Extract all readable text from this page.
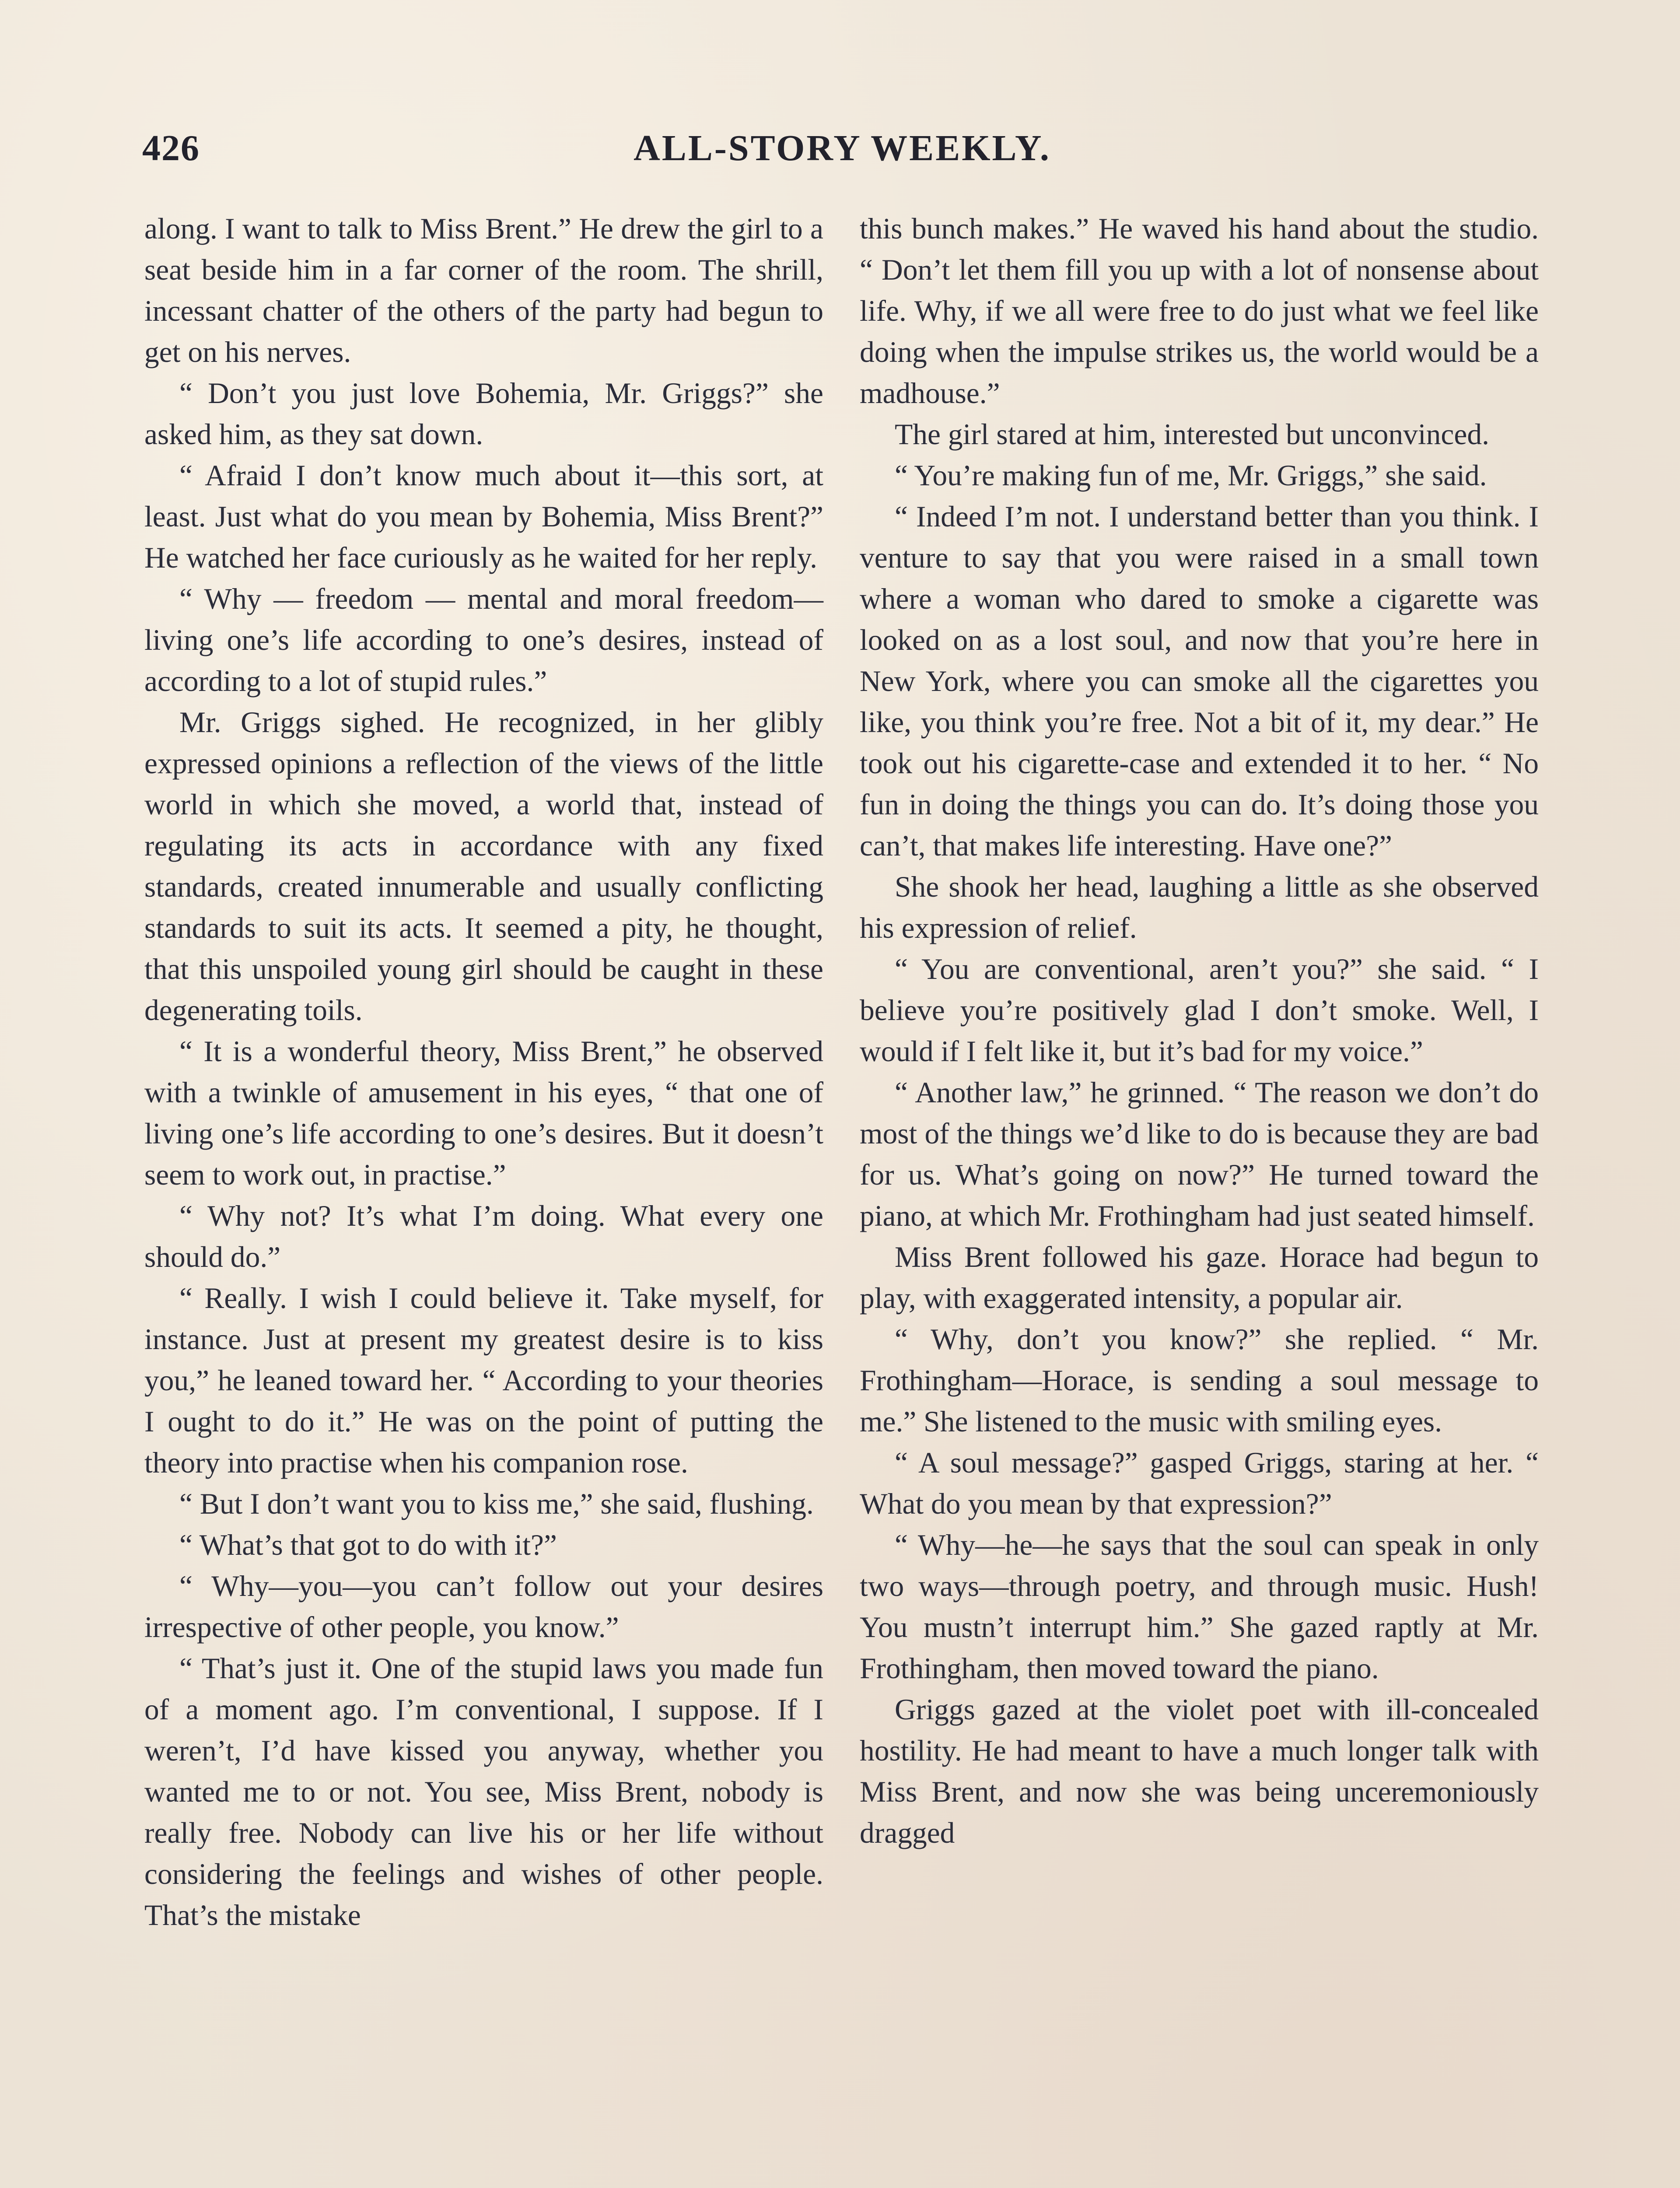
426	ALL-STORY WEEKLY.

along. I want to talk to Miss Brent.” He drew the girl to a seat beside him in a far corner of the room. The shrill, incessant chatter of the others of the party had begun to get on his nerves.

“ Don’t you just love Bohemia, Mr. Griggs?” she asked him, as they sat down.

“ Afraid I don’t know much about it—this sort, at least. Just what do you mean by Bohemia, Miss Brent?” He watched her face curiously as he waited for her reply.

“ Why — freedom — mental and moral freedom—living one’s life according to one’s desires, instead of according to a lot of stupid rules.”

Mr. Griggs sighed. He recognized, in her glibly expressed opinions a reflection of the views of the little world in which she moved, a world that, instead of regulating its acts in accordance with any fixed standards, created innumerable and usually conflicting standards to suit its acts. It seemed a pity, he thought, that this unspoiled young girl should be caught in these degenerating toils.

“ It is a wonderful theory, Miss Brent,” he observed with a twinkle of amusement in his eyes, “ that one of living one’s life according to one’s desires. But it doesn’t seem to work out, in practise.”

“ Why not? It’s what I’m doing. What every one should do.”

“ Really. I wish I could believe it. Take myself, for instance. Just at present my greatest desire is to kiss you,” he leaned toward her. “ According to your theories I ought to do it.” He was on the point of putting the theory into practise when his companion rose.

“ But I don’t want you to kiss me,” she said, flushing.

“ What’s that got to do with it?”

“ Why—you—you can’t follow out your desires irrespective of other people, you know.”

“ That’s just it. One of the stupid laws you made fun of a moment ago. I’m conventional, I suppose. If I weren’t, I’d have kissed you anyway, whether you wanted me to or not. You see, Miss Brent, nobody is really free. Nobody can live his or her life without considering the feelings and wishes of other people. That’s the mistake

this bunch makes.” He waved his hand about the studio. “ Don’t let them fill you up with a lot of nonsense about life. Why, if we all were free to do just what we feel like doing when the impulse strikes us, the world would be a madhouse.”

The girl stared at him, interested but unconvinced.

“ You’re making fun of me, Mr. Griggs,” she said.

“ Indeed I’m not. I understand better than you think. I venture to say that you were raised in a small town where a woman who dared to smoke a cigarette was looked on as a lost soul, and now that you’re here in New York, where you can smoke all the cigarettes you like, you think you’re free. Not a bit of it, my dear.” He took out his cigarette-case and extended it to her. “ No fun in doing the things you can do. It’s doing those you can’t, that makes life interesting. Have one?”

She shook her head, laughing a little as she observed his expression of relief.

“ You are conventional, aren’t you?” she said. “ I believe you’re positively glad I don’t smoke. Well, I would if I felt like it, but it’s bad for my voice.”

“ Another law,” he grinned. “ The reason we don’t do most of the things we’d like to do is because they are bad for us. What’s going on now?” He turned toward the piano, at which Mr. Frothingham had just seated himself.

Miss Brent followed his gaze. Horace had begun to play, with exaggerated intensity, a popular air.

“ Why, don’t you know?” she replied. “ Mr. Frothingham—Horace, is sending a soul message to me.” She listened to the music with smiling eyes.

“ A soul message?” gasped Griggs, staring at her. “ What do you mean by that expression?”

“ Why—he—he says that the soul can speak in only two ways—through poetry, and through music. Hush! You mustn’t interrupt him.” She gazed raptly at Mr. Frothingham, then moved toward the piano.

Griggs gazed at the violet poet with ill-concealed hostility. He had meant to have a much longer talk with Miss Brent, and now she was being unceremoniously dragged
